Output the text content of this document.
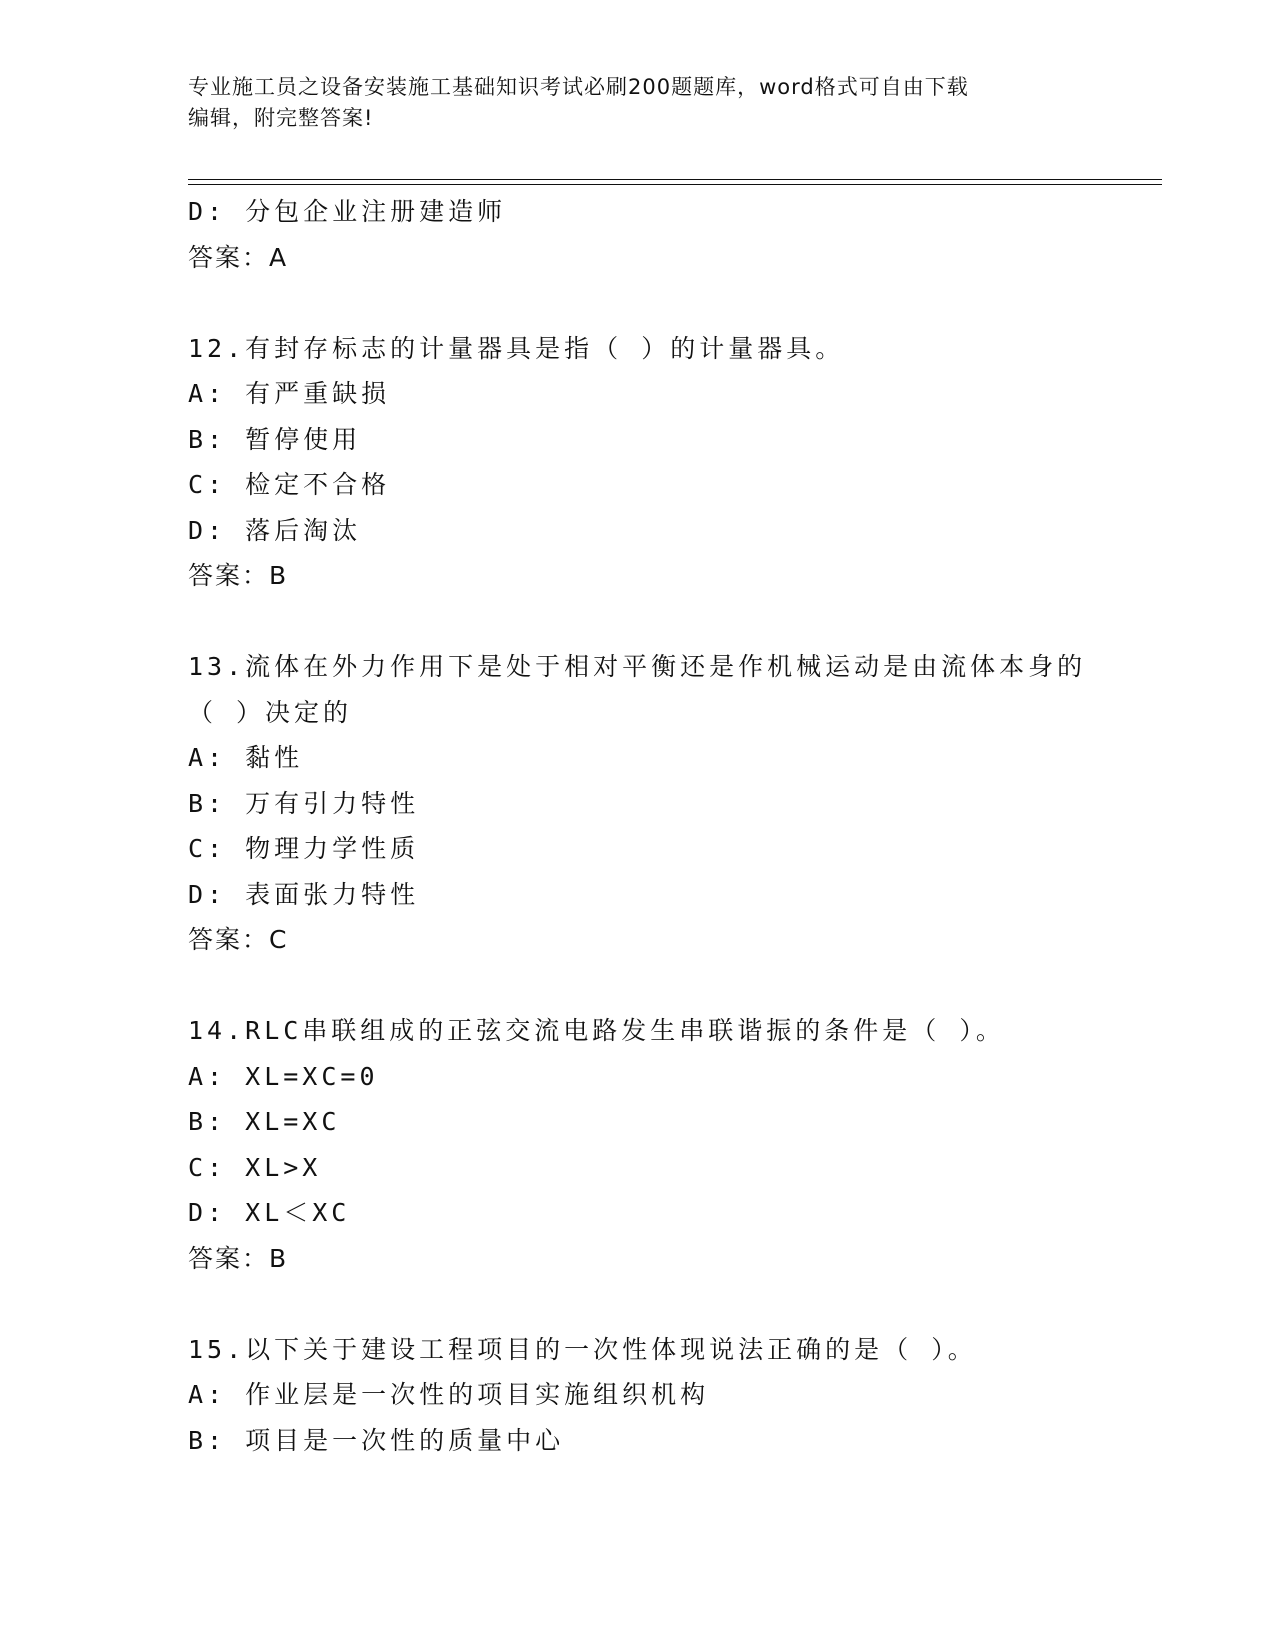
专业施工员之设备安装施工基础知识考试必刷200题题库，word格式可自由下载
编辑，附完整答案!
D: 分包企业注册建造师
答案：A
12.有封存标志的计量器具是指（ ）的计量器具。
A: 有严重缺损
B: 暂停使用
C: 检定不合格
D: 落后淘汰
答案：B
13.流体在外力作用下是处于相对平衡还是作机械运动是由流体本身的
（ ）决定的
A: 黏性
B: 万有引力特性
C: 物理力学性质
D: 表面张力特性
答案：C
14.RLC串联组成的正弦交流电路发生串联谐振的条件是（ ）。
A: XL=XC=0
B: XL=XC
C: XL>X
D: XL＜XC
答案：B
15.以下关于建设工程项目的一次性体现说法正确的是（ ）。
A: 作业层是一次性的项目实施组织机构
B: 项目是一次性的质量中心
